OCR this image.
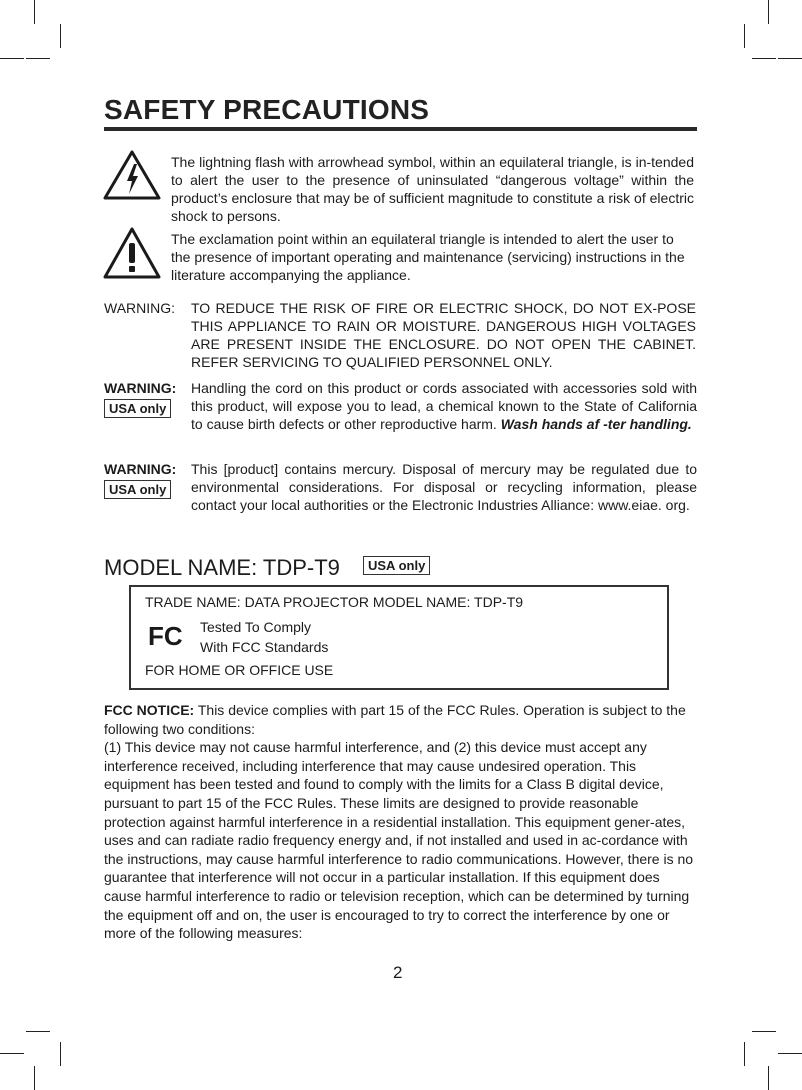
SAFETY PRECAUTIONS

The lightning flash with arrowhead symbol, within an equilateral triangle, is in-tended to alert the user to the presence of uninsulated “dangerous voltage” within the product’s enclosure that may be of sufficient magnitude to constitute a risk of electric shock to persons.

The exclamation point within an equilateral triangle is intended to alert the user to the presence of important operating and maintenance (servicing) instructions in the literature accompanying the appliance.

WARNING: TO REDUCE THE RISK OF FIRE OR ELECTRIC SHOCK, DO NOT EX-POSE THIS APPLIANCE TO RAIN OR MOISTURE. DANGEROUS HIGH VOLTAGES ARE PRESENT INSIDE THE ENCLOSURE. DO NOT OPEN THE CABINET. REFER SERVICING TO QUALIFIED PERSONNEL ONLY.

WARNING:
USA only

Handling the cord on this product or cords associated with accessories sold with this product, will expose you to lead, a chemical known to the State of California to cause birth defects or other reproductive harm. Wash hands af -ter handling.

WARNING:
USA only

This [product] contains mercury. Disposal of mercury may be regulated due to environmental considerations. For disposal or recycling information, please contact your local authorities or the Electronic Industries Alliance: www.eiae. org.

MODEL NAME: TDP-T9	USA only
TRADE NAME: DATA PROJECTOR MODEL NAME: TDP-T9
FC Tested To Comply
With FCC Standards
FOR HOME OR OFFICE USE

FCC NOTICE: This device complies with part 15 of the FCC Rules. Operation is subject to the following two conditions:
(1) This device may not cause harmful interference, and (2) this device must accept any interference received, including interference that may cause undesired operation. This equipment has been tested and found to comply with the limits for a Class B digital device, pursuant to part 15 of the FCC Rules. These limits are designed to provide reasonable protection against harmful interference in a residential installation. This equipment gener-ates, uses and can radiate radio frequency energy and, if not installed and used in ac-cordance with the instructions, may cause harmful interference to radio communications. However, there is no guarantee that interference will not occur in a particular installation. If this equipment does cause harmful interference to radio or television reception, which can be determined by turning the equipment off and on, the user is encouraged to try to correct the interference by one or more of the following measures:

2
